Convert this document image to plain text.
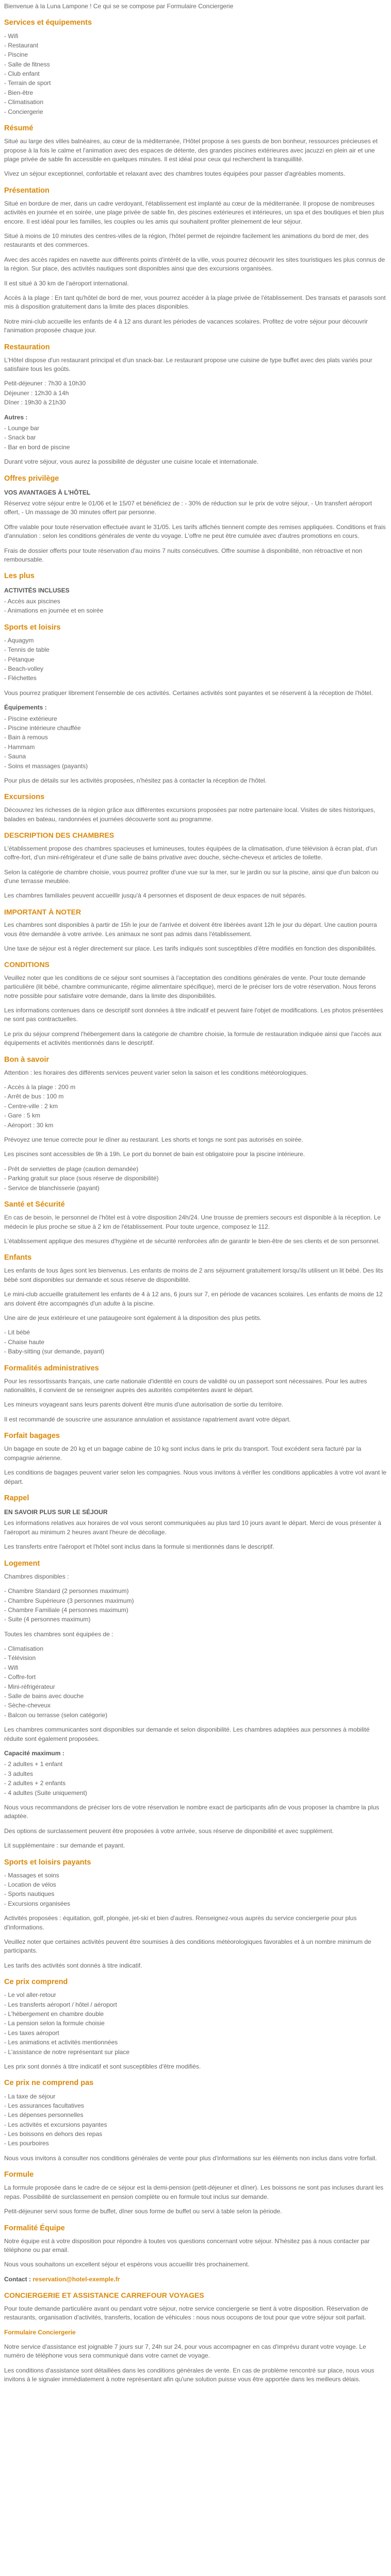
Bienvenue à la Luna Lampone ! Ce qui se se compose par Formulaire Conciergerie

Services et équipements
- Wifi
- Restaurant
- Piscine
- Salle de fitness
- Club enfant
- Terrain de sport
- Bien-être
- Climatisation
- Conciergerie
Résumé

Situé au large des villes balnéaires, au cœur de la méditerranée, l'Hôtel propose à ses guests de bon bonheur, ressources précieuses et propose à la fois le calme et l'animation avec des espaces de détente, des grandes piscines extérieures avec jacuzzi en plein air et une plage privée de sable fin accessible en quelques minutes. Il est idéal pour ceux qui recherchent la tranquillité.

Vivez un séjour exceptionnel, confortable et relaxant avec des chambres toutes équipées pour passer d'agréables moments.

Présentation

Situé en bordure de mer, dans un cadre verdoyant, l'établissement est implanté au cœur de la méditerranée. Il propose de nombreuses activités en journée et en soirée, une plage privée de sable fin, des piscines extérieures et intérieures, un spa et des boutiques et bien plus encore. Il est idéal pour les familles, les couples ou les amis qui souhaitent profiter pleinement de leur séjour.

Situé à moins de 10 minutes des centres-villes de la région, l'hôtel permet de rejoindre facilement les animations du bord de mer, des restaurants et des commerces.

Avec des accès rapides en navette aux différents points d'intérêt de la ville, vous pourrez découvrir les sites touristiques les plus connus de la région. Sur place, des activités nautiques sont disponibles ainsi que des excursions organisées.

Il est situé à 30 km de l'aéroport international.

Accès à la plage : En tant qu'hôtel de bord de mer, vous pourrez accéder à la plage privée de l'établissement. Des transats et parasols sont mis à disposition gratuitement dans la limite des places disponibles.

Notre mini-club accueille les enfants de 4 à 12 ans durant les périodes de vacances scolaires. Profitez de votre séjour pour découvrir l'animation proposée chaque jour.

Restauration

L'Hôtel dispose d'un restaurant principal et d'un snack-bar. Le restaurant propose une cuisine de type buffet avec des plats variés pour satisfaire tous les goûts.

Petit-déjeuner : 7h30 à 10h30
Déjeuner : 12h30 à 14h
Dîner : 19h30 à 21h30
Autres :
- Lounge bar
- Snack bar
- Bar en bord de piscine

Durant votre séjour, vous aurez la possibilité de déguster une cuisine locale et internationale.

Offres privilège
VOS AVANTAGES À L'HÔTEL

Réservez votre séjour entre le 01/06 et le 15/07 et bénéficiez de : - 30% de réduction sur le prix de votre séjour, - Un transfert aéroport offert, - Un massage de 30 minutes offert par personne.

Offre valable pour toute réservation effectuée avant le 31/05. Les tarifs affichés tiennent compte des remises appliquées. Conditions et frais d'annulation : selon les conditions générales de vente du voyage. L'offre ne peut être cumulée avec d'autres promotions en cours.

Frais de dossier offerts pour toute réservation d'au moins 7 nuits consécutives. Offre soumise à disponibilité, non rétroactive et non remboursable.

Les plus
ACTIVITÉS INCLUSES
- Accès aux piscines
- Animations en journée et en soirée
Sports et loisirs
- Aquagym
- Tennis de table
- Pétanque
- Beach-volley
- Fléchettes

Vous pourrez pratiquer librement l'ensemble de ces activités. Certaines activités sont payantes et se réservent à la réception de l'hôtel.

Équipements :
- Piscine extérieure
- Piscine intérieure chauffée
- Bain à remous
- Hammam
- Sauna
- Soins et massages (payants)

Pour plus de détails sur les activités proposées, n'hésitez pas à contacter la réception de l'hôtel.

Excursions

Découvrez les richesses de la région grâce aux différentes excursions proposées par notre partenaire local. Visites de sites historiques, balades en bateau, randonnées et journées découverte sont au programme.

DESCRIPTION DES CHAMBRES

L'établissement propose des chambres spacieuses et lumineuses, toutes équipées de la climatisation, d'une télévision à écran plat, d'un coffre-fort, d'un mini-réfrigérateur et d'une salle de bains privative avec douche, sèche-cheveux et articles de toilette.

Selon la catégorie de chambre choisie, vous pourrez profiter d'une vue sur la mer, sur le jardin ou sur la piscine, ainsi que d'un balcon ou d'une terrasse meublée.

Les chambres familiales peuvent accueillir jusqu'à 4 personnes et disposent de deux espaces de nuit séparés.

IMPORTANT À NOTER

Les chambres sont disponibles à partir de 15h le jour de l'arrivée et doivent être libérées avant 12h le jour du départ. Une caution pourra vous être demandée à votre arrivée. Les animaux ne sont pas admis dans l'établissement.

Une taxe de séjour est à régler directement sur place. Les tarifs indiqués sont susceptibles d'être modifiés en fonction des disponibilités.

CONDITIONS

Veuillez noter que les conditions de ce séjour sont soumises à l'acceptation des conditions générales de vente. Pour toute demande particulière (lit bébé, chambre communicante, régime alimentaire spécifique), merci de le préciser lors de votre réservation. Nous ferons notre possible pour satisfaire votre demande, dans la limite des disponibilités.

Les informations contenues dans ce descriptif sont données à titre indicatif et peuvent faire l'objet de modifications. Les photos présentées ne sont pas contractuelles.

Le prix du séjour comprend l'hébergement dans la catégorie de chambre choisie, la formule de restauration indiquée ainsi que l'accès aux équipements et activités mentionnés dans le descriptif.

Bon à savoir

Attention : les horaires des différents services peuvent varier selon la saison et les conditions météorologiques.

- Accès à la plage : 200 m
- Arrêt de bus : 100 m
- Centre-ville : 2 km
- Gare : 5 km
- Aéroport : 30 km

Prévoyez une tenue correcte pour le dîner au restaurant. Les shorts et tongs ne sont pas autorisés en soirée.

Les piscines sont accessibles de 9h à 19h. Le port du bonnet de bain est obligatoire pour la piscine intérieure.

- Prêt de serviettes de plage (caution demandée)
- Parking gratuit sur place (sous réserve de disponibilité)
- Service de blanchisserie (payant)
Santé et Sécurité

En cas de besoin, le personnel de l'hôtel est à votre disposition 24h/24. Une trousse de premiers secours est disponible à la réception. Le médecin le plus proche se situe à 2 km de l'établissement. Pour toute urgence, composez le 112.

L'établissement applique des mesures d'hygiène et de sécurité renforcées afin de garantir le bien-être de ses clients et de son personnel.

Enfants

Les enfants de tous âges sont les bienvenus. Les enfants de moins de 2 ans séjournent gratuitement lorsqu'ils utilisent un lit bébé. Des lits bébé sont disponibles sur demande et sous réserve de disponibilité.

Le mini-club accueille gratuitement les enfants de 4 à 12 ans, 6 jours sur 7, en période de vacances scolaires. Les enfants de moins de 12 ans doivent être accompagnés d'un adulte à la piscine.

Une aire de jeux extérieure et une pataugeoire sont également à la disposition des plus petits.

- Lit bébé
- Chaise haute
- Baby-sitting (sur demande, payant)
Formalités administratives

Pour les ressortissants français, une carte nationale d'identité en cours de validité ou un passeport sont nécessaires. Pour les autres nationalités, il convient de se renseigner auprès des autorités compétentes avant le départ.

Les mineurs voyageant sans leurs parents doivent être munis d'une autorisation de sortie du territoire.

Il est recommandé de souscrire une assurance annulation et assistance rapatriement avant votre départ.

Forfait bagages

Un bagage en soute de 20 kg et un bagage cabine de 10 kg sont inclus dans le prix du transport. Tout excédent sera facturé par la compagnie aérienne.

Les conditions de bagages peuvent varier selon les compagnies. Nous vous invitons à vérifier les conditions applicables à votre vol avant le départ.

Rappel
EN SAVOIR PLUS SUR LE SÉJOUR

Les informations relatives aux horaires de vol vous seront communiquées au plus tard 10 jours avant le départ. Merci de vous présenter à l'aéroport au minimum 2 heures avant l'heure de décollage.

Les transferts entre l'aéroport et l'hôtel sont inclus dans la formule si mentionnés dans le descriptif.

Logement

Chambres disponibles :

- Chambre Standard (2 personnes maximum)
- Chambre Supérieure (3 personnes maximum)
- Chambre Familiale (4 personnes maximum)
- Suite (4 personnes maximum)

Toutes les chambres sont équipées de :

- Climatisation
- Télévision
- Wifi
- Coffre-fort
- Mini-réfrigérateur
- Salle de bains avec douche
- Sèche-cheveux
- Balcon ou terrasse (selon catégorie)

Les chambres communicantes sont disponibles sur demande et selon disponibilité. Les chambres adaptées aux personnes à mobilité réduite sont également proposées.

Capacité maximum :
- 2 adultes + 1 enfant
- 3 adultes
- 2 adultes + 2 enfants
- 4 adultes (Suite uniquement)

Nous vous recommandons de préciser lors de votre réservation le nombre exact de participants afin de vous proposer la chambre la plus adaptée.

Des options de surclassement peuvent être proposées à votre arrivée, sous réserve de disponibilité et avec supplément.

Lit supplémentaire : sur demande et payant.

Sports et loisirs payants
- Massages et soins
- Location de vélos
- Sports nautiques
- Excursions organisées

Activités proposées : équitation, golf, plongée, jet-ski et bien d'autres. Renseignez-vous auprès du service conciergerie pour plus d'informations.

Veuillez noter que certaines activités peuvent être soumises à des conditions météorologiques favorables et à un nombre minimum de participants.

Les tarifs des activités sont donnés à titre indicatif.

Ce prix comprend
- Le vol aller-retour
- Les transferts aéroport / hôtel / aéroport
- L'hébergement en chambre double
- La pension selon la formule choisie
- Les taxes aéroport
- Les animations et activités mentionnées
- L'assistance de notre représentant sur place

Les prix sont donnés à titre indicatif et sont susceptibles d'être modifiés.

Ce prix ne comprend pas
- La taxe de séjour
- Les assurances facultatives
- Les dépenses personnelles
- Les activités et excursions payantes
- Les boissons en dehors des repas
- Les pourboires

Nous vous invitons à consulter nos conditions générales de vente pour plus d'informations sur les éléments non inclus dans votre forfait.

Formule

La formule proposée dans le cadre de ce séjour est la demi-pension (petit-déjeuner et dîner). Les boissons ne sont pas incluses durant les repas. Possibilité de surclassement en pension complète ou en formule tout inclus sur demande.

Petit-déjeuner servi sous forme de buffet, dîner sous forme de buffet ou servi à table selon la période.

Formalité Équipe

Notre équipe est à votre disposition pour répondre à toutes vos questions concernant votre séjour. N'hésitez pas à nous contacter par téléphone ou par email.

Nous vous souhaitons un excellent séjour et espérons vous accueillir très prochainement.

Contact : reservation@hotel-exemple.fr

CONCIERGERIE ET ASSISTANCE CARREFOUR VOYAGES

Pour toute demande particulière avant ou pendant votre séjour, notre service conciergerie se tient à votre disposition. Réservation de restaurants, organisation d'activités, transferts, location de véhicules : nous nous occupons de tout pour que votre séjour soit parfait.

Formulaire Conciergerie

Notre service d'assistance est joignable 7 jours sur 7, 24h sur 24, pour vous accompagner en cas d'imprévu durant votre voyage. Le numéro de téléphone vous sera communiqué dans votre carnet de voyage.

Les conditions d'assistance sont détaillées dans les conditions générales de vente. En cas de problème rencontré sur place, nous vous invitons à le signaler immédiatement à notre représentant afin qu'une solution puisse vous être apportée dans les meilleurs délais.
